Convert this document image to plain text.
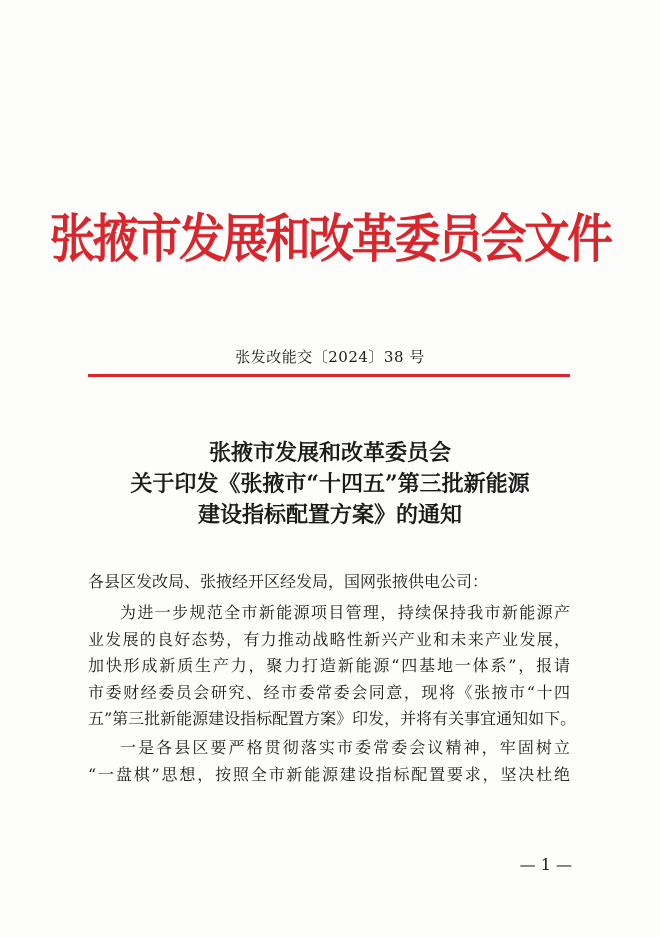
张掖市发展和改革委员会文件
张发改能交〔2024〕38 号
张掖市发展和改革委员会
关于印发《张掖市“十四五”第三批新能源
建设指标配置方案》的通知
各县区发改局、张掖经开区经发局，国网张掖供电公司：
为进一步规范全市新能源项目管理，持续保持我市新能源产
业发展的良好态势，有力推动战略性新兴产业和未来产业发展，
加快形成新质生产力，聚力打造新能源“四基地一体系”，报请
市委财经委员会研究、经市委常委会同意，现将《张掖市“十四
五”第三批新能源建设指标配置方案》印发，并将有关事宜通知如下。
一是各县区要严格贯彻落实市委常委会议精神，牢固树立
“一盘棋”思想，按照全市新能源建设指标配置要求，坚决杜绝
— 1 —
